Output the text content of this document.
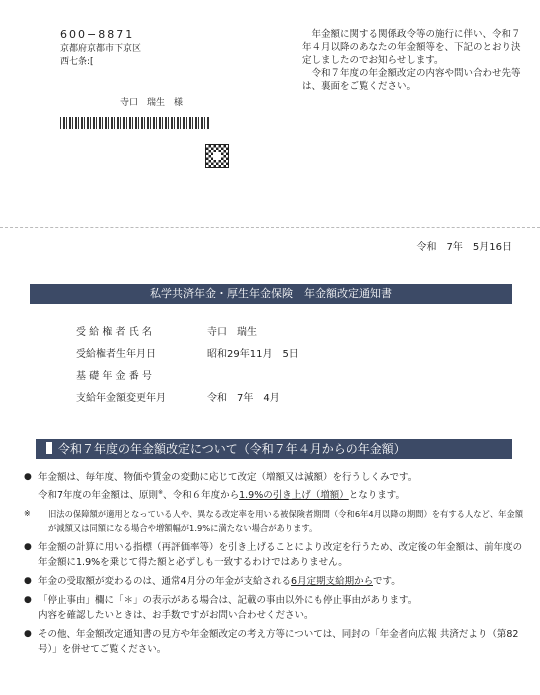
600−8871
京都府京都市下京区
西七条:[
寺口　瑞生　様

年金額に関する関係政令等の施行に伴い、令和７年４月以降のあなたの年金額等を、下記のとおり決定しましたのでお知らせします。

令和７年度の年金額改定の内容や問い合わせ先等は、裏面をご覧ください。

令和　7年　5月16日
私学共済年金・厚生年金保険　年金額改定通知書
受 給 権 者 氏 名	寺口　瑞生
受給権者生年月日	昭和29年11月　5日
基 礎 年 金 番 号
支給年金額変更年月	令和　7年　4月
令和７年度の年金額改定について（令和７年４月からの年金額）
● 年金額は、毎年度、物価や賃金の変動に応じて改定（増額又は減額）を行うしくみです。
令和7年度の年金額は、原則※、令和６年度から1.9%の引き上げ（増額）となります。
※ 旧法の保障額が適用となっている人や、異なる改定率を用いる被保険者期間（令和6年4月以降の期間）を有する人など、年金額が減額又は同額になる場合や増額幅が1.9%に満たない場合があります。
● 年金額の計算に用いる指標（再評価率等）を引き上げることにより改定を行うため、改定後の年金額は、前年度の年金額に1.9%を乗じて得た額と必ずしも一致するわけではありません。
● 年金の受取額が変わるのは、通常4月分の年金が支給される6月定期支給期からです。
● 「停止事由」欄に「＊」の表示がある場合は、記載の事由以外にも停止事由があります。
内容を確認したいときは、お手数ですがお問い合わせください。
● その他、年金額改定通知書の見方や年金額改定の考え方等については、同封の「年金者向広報 共済だより（第82号）」を併せてご覧ください。
